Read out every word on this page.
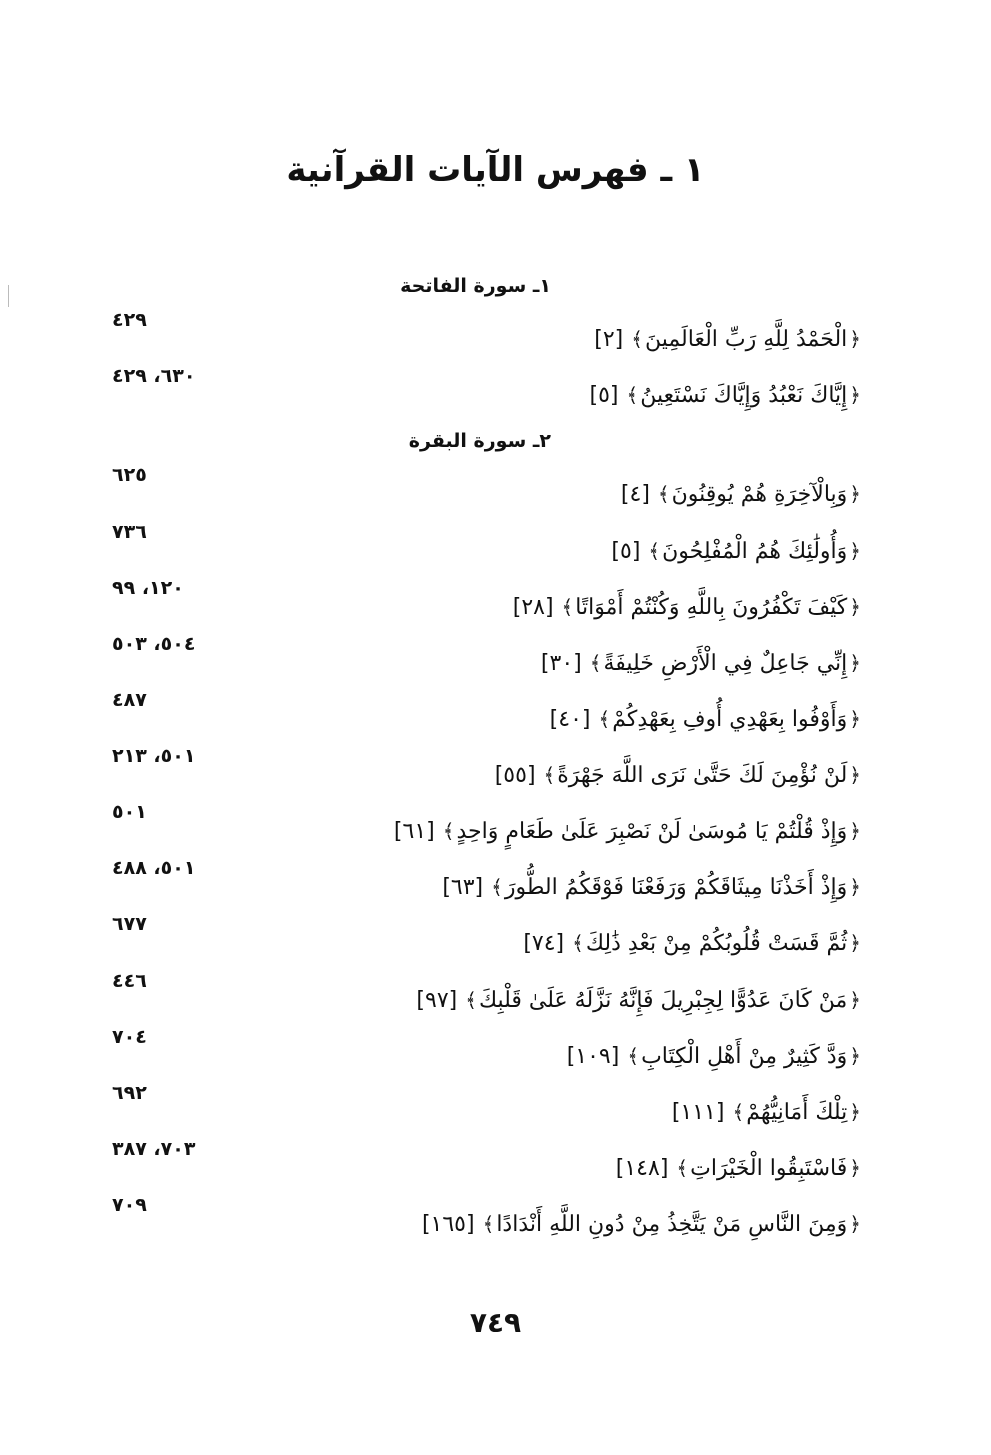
١ ـ فهرس الآيات القرآنية
١ـ سورة الفاتحة
﴿الْحَمْدُ لِلَّهِ رَبِّ الْعَالَمِينَ﴾[٢]
٤٢٩
﴿إِيَّاكَ نَعْبُدُ وَإِيَّاكَ نَسْتَعِينُ﴾[٥]
٦٣٠، ٤٢٩
٢ـ سورة البقرة
﴿وَبِالْآخِرَةِ هُمْ يُوقِنُونَ﴾[٤]
٦٢٥
﴿وَأُولَٰئِكَ هُمُ الْمُفْلِحُونَ﴾[٥]
٧٣٦
﴿كَيْفَ تَكْفُرُونَ بِاللَّهِ وَكُنْتُمْ أَمْوَاتًا﴾[٢٨]
١٢٠، ٩٩
﴿إِنِّي جَاعِلٌ فِي الْأَرْضِ خَلِيفَةً﴾[٣٠]
٥٠٤، ٥٠٣
﴿وَأَوْفُوا بِعَهْدِي أُوفِ بِعَهْدِكُمْ﴾[٤٠]
٤٨٧
﴿لَنْ نُؤْمِنَ لَكَ حَتَّىٰ نَرَى اللَّهَ جَهْرَةً﴾[٥٥]
٥٠١، ٢١٣
﴿وَإِذْ قُلْتُمْ يَا مُوسَىٰ لَنْ نَصْبِرَ عَلَىٰ طَعَامٍ وَاحِدٍ﴾[٦١]
٥٠١
﴿وَإِذْ أَخَذْنَا مِيثَاقَكُمْ وَرَفَعْنَا فَوْقَكُمُ الطُّورَ﴾[٦٣]
٥٠١، ٤٨٨
﴿ثُمَّ قَسَتْ قُلُوبُكُمْ مِنْ بَعْدِ ذَٰلِكَ﴾[٧٤]
٦٧٧
﴿مَنْ كَانَ عَدُوًّا لِجِبْرِيلَ فَإِنَّهُ نَزَّلَهُ عَلَىٰ قَلْبِكَ﴾[٩٧]
٤٤٦
﴿وَدَّ كَثِيرٌ مِنْ أَهْلِ الْكِتَابِ﴾[١٠٩]
٧٠٤
﴿تِلْكَ أَمَانِيُّهُمْ﴾[١١١]
٦٩٢
﴿فَاسْتَبِقُوا الْخَيْرَاتِ﴾[١٤٨]
٧٠٣، ٣٨٧
﴿وَمِنَ النَّاسِ مَنْ يَتَّخِذُ مِنْ دُونِ اللَّهِ أَنْدَادًا﴾[١٦٥]
٧٠٩
٧٤٩
